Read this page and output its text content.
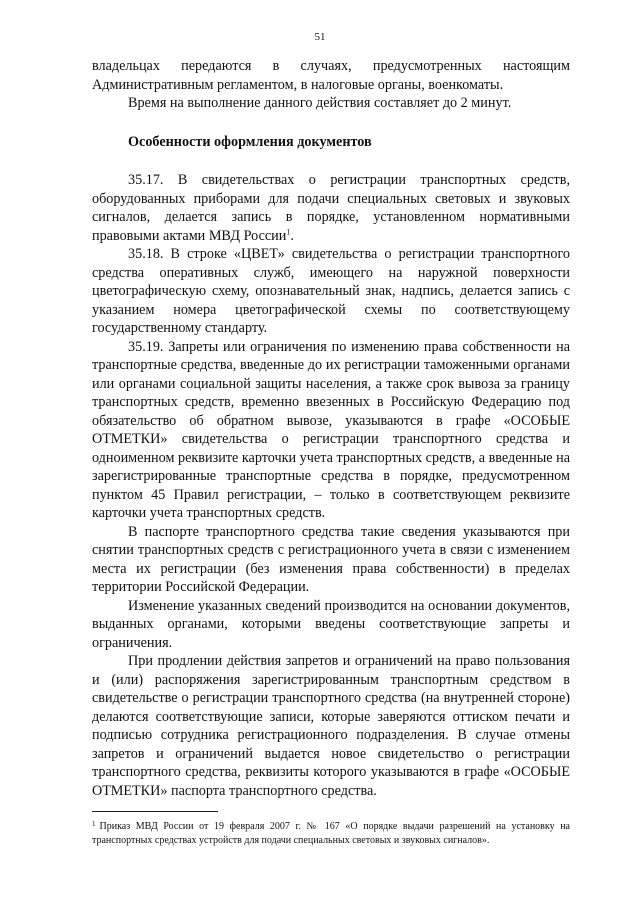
51

владельцах передаются в случаях, предусмотренных настоящим Административным регламентом, в налоговые органы, военкоматы.

Время на выполнение данного действия составляет до 2 минут.

Особенности оформления документов

35.17. В свидетельствах о регистрации транспортных средств, оборудованных приборами для подачи специальных световых и звуковых сигналов, делается запись в порядке, установленном нормативными правовыми актами МВД России$^1$.

35.18. В строке «ЦВЕТ» свидетельства о регистрации транспортного средства оперативных служб, имеющего на наружной поверхности цветографическую схему, опознавательный знак, надпись, делается запись с указанием номера цветографической схемы по соответствующему государственному стандарту.

35.19. Запреты или ограничения по изменению права собственности на транспортные средства, введенные до их регистрации таможенными органами или органами социальной защиты населения, а также срок вывоза за границу транспортных средств, временно ввезенных в Российскую Федерацию под обязательство об обратном вывозе, указываются в графе «ОСОБЫЕ ОТМЕТКИ» свидетельства о регистрации транспортного средства и одноименном реквизите карточки учета транспортных средств, а введенные на зарегистрированные транспортные средства в порядке, предусмотренном пунктом 45 Правил регистрации, – только в соответствующем реквизите карточки учета транспортных средств.

В паспорте транспортного средства такие сведения указываются при снятии транспортных средств с регистрационного учета в связи с изменением места их регистрации (без изменения права собственности) в пределах территории Российской Федерации.

Изменение указанных сведений производится на основании документов, выданных органами, которыми введены соответствующие запреты и ограничения.

При продлении действия запретов и ограничений на право пользования и (или) распоряжения зарегистрированным транспортным средством в свидетельстве о регистрации транспортного средства (на внутренней стороне) делаются соответствующие записи, которые заверяются оттиском печати и подписью сотрудника регистрационного подразделения. В случае отмены запретов и ограничений выдается новое свидетельство о регистрации транспортного средства, реквизиты которого указываются в графе «ОСОБЫЕ ОТМЕТКИ» паспорта транспортного средства.

$^1$ Приказ МВД России от 19 февраля 2007 г. № 167 «О порядке выдачи разрешений на установку на транспортных средствах устройств для подачи специальных световых и звуковых сигналов».
